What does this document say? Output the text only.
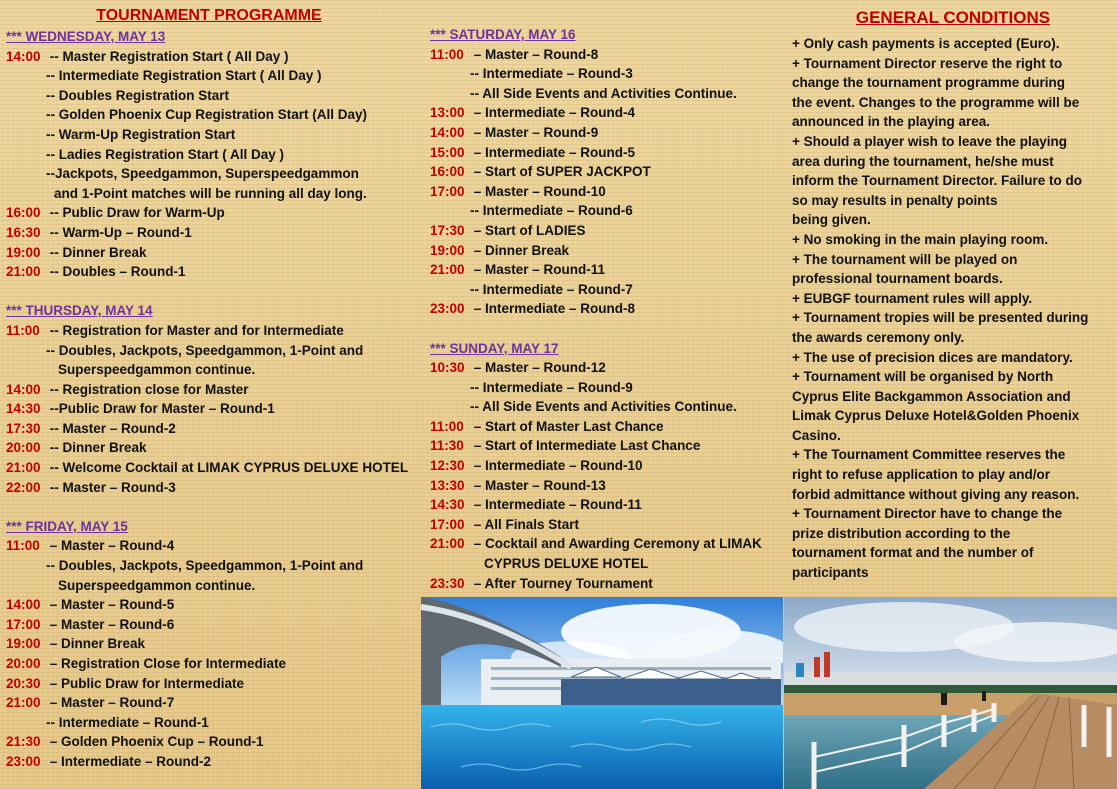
TOURNAMENT PROGRAMME
*** WEDNESDAY, MAY 13
14:00 -- Master Registration Start ( All Day )
-- Intermediate Registration Start ( All Day )
-- Doubles Registration Start
-- Golden Phoenix Cup Registration Start (All Day)
-- Warm-Up Registration Start
-- Ladies Registration Start ( All Day )
--Jackpots, Speedgammon, Superspeedgammon
and 1-Point matches will be running all day long.
16:00 -- Public Draw for Warm-Up
16:30 -- Warm-Up – Round-1
19:00 -- Dinner Break
21:00 -- Doubles – Round-1
*** THURSDAY, MAY 14
11:00 -- Registration for Master and for Intermediate
-- Doubles, Jackpots, Speedgammon, 1-Point and
Superspeedgammon continue.
14:00 -- Registration close for Master
14:30 --Public Draw for Master – Round-1
17:30 -- Master – Round-2
20:00 -- Dinner Break
21:00 -- Welcome Cocktail at LIMAK CYPRUS DELUXE HOTEL
22:00 -- Master – Round-3
*** FRIDAY, MAY 15
11:00 – Master – Round-4
-- Doubles, Jackpots, Speedgammon, 1-Point and
Superspeedgammon continue.
14:00 – Master – Round-5
17:00 – Master – Round-6
19:00 – Dinner Break
20:00 – Registration Close for Intermediate
20:30 – Public Draw for Intermediate
21:00 – Master – Round-7
-- Intermediate – Round-1
21:30 – Golden Phoenix Cup – Round-1
23:00 – Intermediate – Round-2
*** SATURDAY, MAY 16
11:00 – Master – Round-8
-- Intermediate – Round-3
-- All Side Events and Activities Continue.
13:00 – Intermediate – Round-4
14:00 – Master – Round-9
15:00 – Intermediate – Round-5
16:00 – Start of SUPER JACKPOT
17:00 – Master – Round-10
-- Intermediate – Round-6
17:30 – Start of LADIES
19:00 – Dinner Break
21:00 – Master – Round-11
-- Intermediate – Round-7
23:00 – Intermediate – Round-8
*** SUNDAY, MAY 17
10:30 – Master – Round-12
-- Intermediate – Round-9
-- All Side Events and Activities Continue.
11:00 – Start of Master Last Chance
11:30 – Start of Intermediate Last Chance
12:30 – Intermediate – Round-10
13:30 – Master – Round-13
14:30 – Intermediate – Round-11
17:00 – All Finals Start
21:00 – Cocktail and Awarding Ceremony at LIMAK
CYPRUS DELUXE HOTEL
23:30 – After Tourney Tournament
GENERAL CONDITIONS
+ Only cash payments is accepted (Euro).
+ Tournament Director reserve the right to
change the tournament programme during
the event. Changes to the programme will be
announced in the playing area.
+ Should a player wish to leave the playing
area during the tournament, he/she must
inform the Tournament Director. Failure to do
so may results in penalty points
being given.
+ No smoking in the main playing room.
+ The tournament will be played on
professional tournament boards.
+ EUBGF tournament rules will apply.
+ Tournament tropies will be presented during
the awards ceremony only.
+ The use of precision dices are mandatory.
+ Tournament will be organised by North
Cyprus Elite Backgammon Association and
Limak Cyprus Deluxe Hotel&Golden Phoenix
Casino.
+ The Tournament Committee reserves the
right to refuse application to play and/or
forbid admittance without giving any reason.
+ Tournament Director have to change the
prize distribution according to the
tournament format and the number of
participants
